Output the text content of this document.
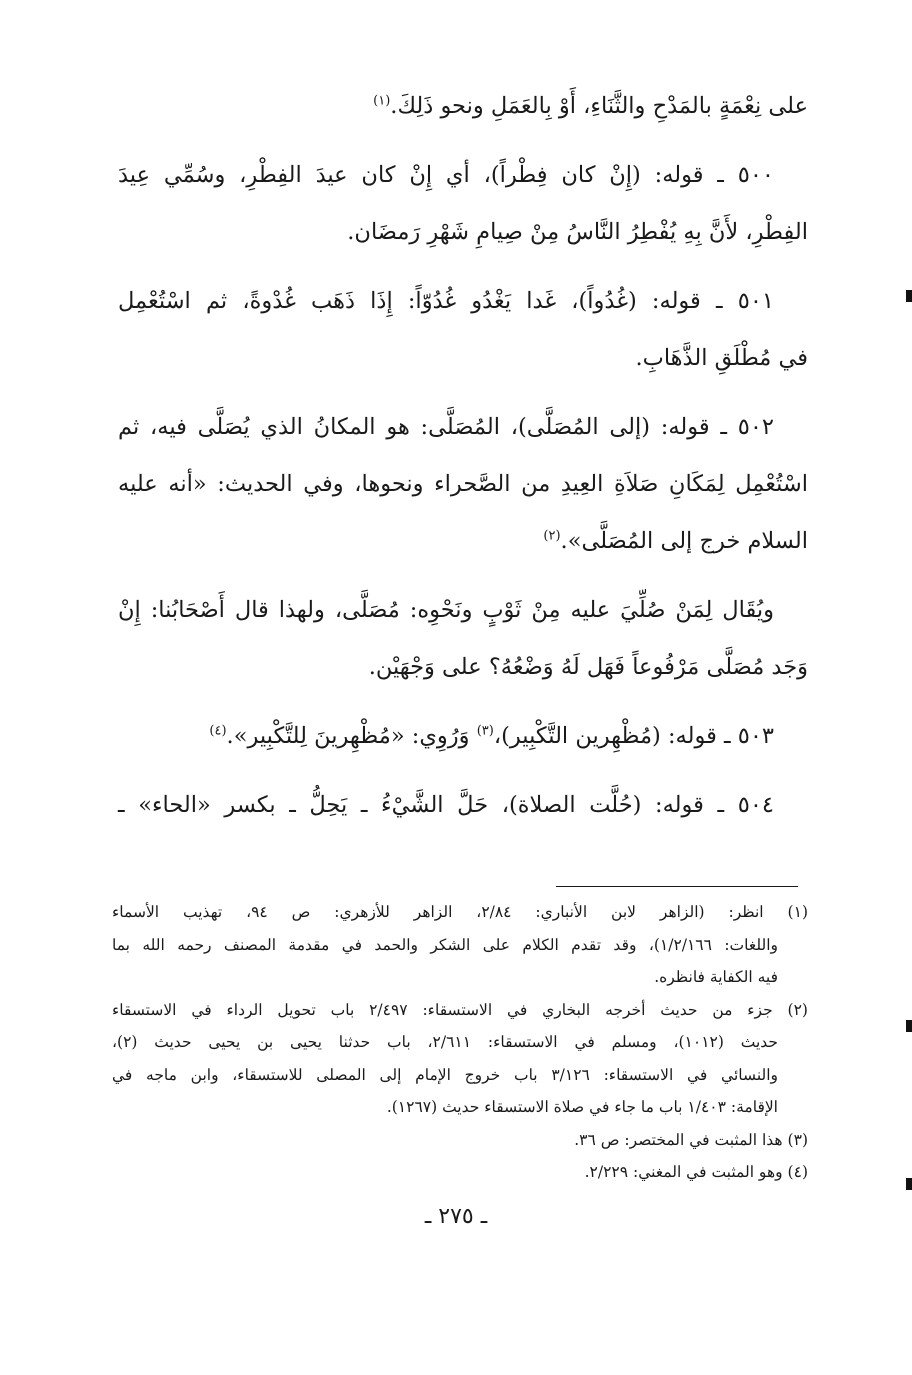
على نِعْمَةٍ بالمَدْحِ والثَّنَاءِ، أَوْ بِالعَمَلِ ونحو ذَلِكَ.$^{(١)}$

٥٠٠ ـ قوله: (إِنْ كان فِطْراً)، أي إِنْ كان عيدَ الفِطْرِ، وسُمِّي عِيدَ
الفِطْرِ، لأَنَّ بِهِ يُفْطِرُ النَّاسُ مِنْ صِيامِ شَهْرِ رَمضَان.

٥٠١ ـ قوله: (غُدُواً)، غَدا يَغْدُو غُدُوّاً: إِذَا ذَهَب غُدْوةً، ثم اسْتُعْمِل
في مُطْلَقِ الذَّهَابِ.

٥٠٢ ـ قوله: (إلى المُصَلَّى)، المُصَلَّى: هو المكانُ الذي يُصَلَّى فيه، ثم
اسْتُعْمِل لِمَكَانِ صَلاَةِ العِيدِ من الصَّحراء ونحوها، وفي الحديث: «أنه عليه
السلام خرج إلى المُصَلَّى».$^{(٢)}$

ويُقَال لِمَنْ صُلِّيَ عليه مِنْ ثَوْبٍ ونَحْوِه: مُصَلَّى، ولهذا قال أَصْحَابُنا: إِنْ
وَجَد مُصَلَّى مَرْفُوعاً فَهَل لَهُ وَضْعُهُ؟ على وَجْهَيْن.

٥٠٣ ـ قوله: (مُظْهِرين التَّكْبِير)،$^{(٣)}$ وَرُوِي: «مُظْهِرينَ لِلتَّكْبِير».$^{(٤)}$

٥٠٤ ـ قوله: (حُلَّت الصلاة)، حَلَّ الشَّيْءُ ـ يَحِلُّ ـ بكسر «الحاء» ـ

(١) انظر: (الزاهر لابن الأنباري: ٢/٨٤، الزاهر للأزهري: ص ٩٤، تهذيب الأسماء
واللغات: ١/٢/١٦٦)، وقد تقدم الكلام على الشكر والحمد في مقدمة المصنف رحمه الله بما
فيه الكفاية فانظره.

(٢) جزء من حديث أخرجه البخاري في الاستسقاء: ٢/٤٩٧ باب تحويل الرداء في الاستسقاء
حديث (١٠١٢)، ومسلم في الاستسقاء: ٢/٦١١، باب حدثنا يحيى بن يحيى حديث (٢)،
والنسائي في الاستسقاء: ٣/١٢٦ باب خروج الإمام إلى المصلى للاستسقاء، وابن ماجه في
الإقامة: ١/٤٠٣ باب ما جاء في صلاة الاستسقاء حديث (١٢٦٧).

(٣) هذا المثبت في المختصر: ص ٣٦.

(٤) وهو المثبت في المغني: ٢/٢٢٩.

ـ ٢٧٥ ـ
